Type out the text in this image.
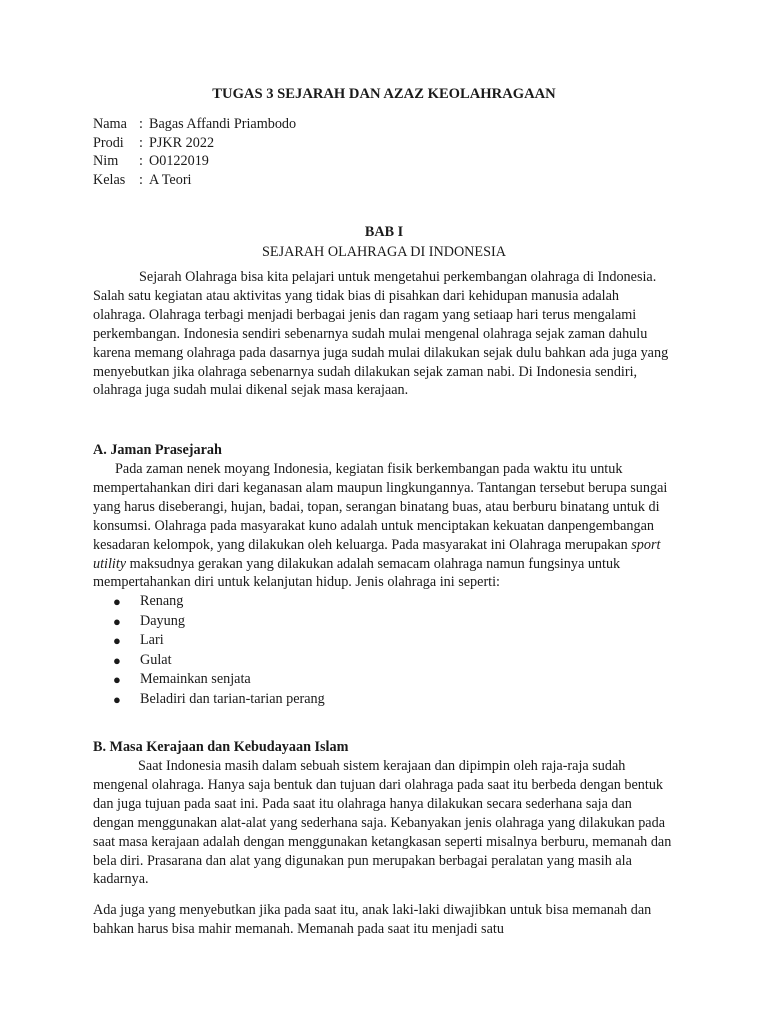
TUGAS 3 SEJARAH DAN AZAZ KEOLAHRAGAAN
Nama : Bagas Affandi Priambodo
Prodi : PJKR 2022
Nim : O0122019
Kelas : A Teori
BAB I
SEJARAH OLAHRAGA DI INDONESIA

Sejarah Olahraga bisa kita pelajari untuk mengetahui perkembangan olahraga di Indonesia. Salah satu kegiatan atau aktivitas yang tidak bias di pisahkan dari kehidupan manusia adalah olahraga. Olahraga terbagi menjadi berbagai jenis dan ragam yang setiaap hari terus mengalami perkembangan. Indonesia sendiri sebenarnya sudah mulai mengenal olahraga sejak zaman dahulu karena memang olahraga pada dasarnya juga sudah mulai dilakukan sejak dulu bahkan ada juga yang menyebutkan jika olahraga sebenarnya sudah dilakukan sejak zaman nabi. Di Indonesia sendiri, olahraga juga sudah mulai dikenal sejak masa kerajaan.

A. Jaman Prasejarah

Pada zaman nenek moyang Indonesia, kegiatan fisik berkembangan pada waktu itu untuk mempertahankan diri dari keganasan alam maupun lingkungannya. Tantangan tersebut berupa sungai yang harus diseberangi, hujan, badai, topan, serangan binatang buas, atau berburu binatang untuk di konsumsi. Olahraga pada masyarakat kuno adalah untuk menciptakan kekuatan danpengembangan kesadaran kelompok, yang dilakukan oleh keluarga. Pada masyarakat ini Olahraga merupakan sport utility maksudnya gerakan yang dilakukan adalah semacam olahraga namun fungsinya untuk mempertahankan diri untuk kelanjutan hidup. Jenis olahraga ini seperti:

● Renang
● Dayung
● Lari
● Gulat
● Memainkan senjata
● Beladiri dan tarian-tarian perang

B. Masa Kerajaan dan Kebudayaan Islam

Saat Indonesia masih dalam sebuah sistem kerajaan dan dipimpin oleh raja-raja sudah mengenal olahraga. Hanya saja bentuk dan tujuan dari olahraga pada saat itu berbeda dengan bentuk dan juga tujuan pada saat ini. Pada saat itu olahraga hanya dilakukan secara sederhana saja dan dengan menggunakan alat-alat yang sederhana saja. Kebanyakan jenis olahraga yang dilakukan pada saat masa kerajaan adalah dengan menggunakan ketangkasan seperti misalnya berburu, memanah dan bela diri. Prasarana dan alat yang digunakan pun merupakan berbagai peralatan yang masih ala kadarnya.

Ada juga yang menyebutkan jika pada saat itu, anak laki-laki diwajibkan untuk bisa memanah dan bahkan harus bisa mahir memanah. Memanah pada saat itu menjadi satu
